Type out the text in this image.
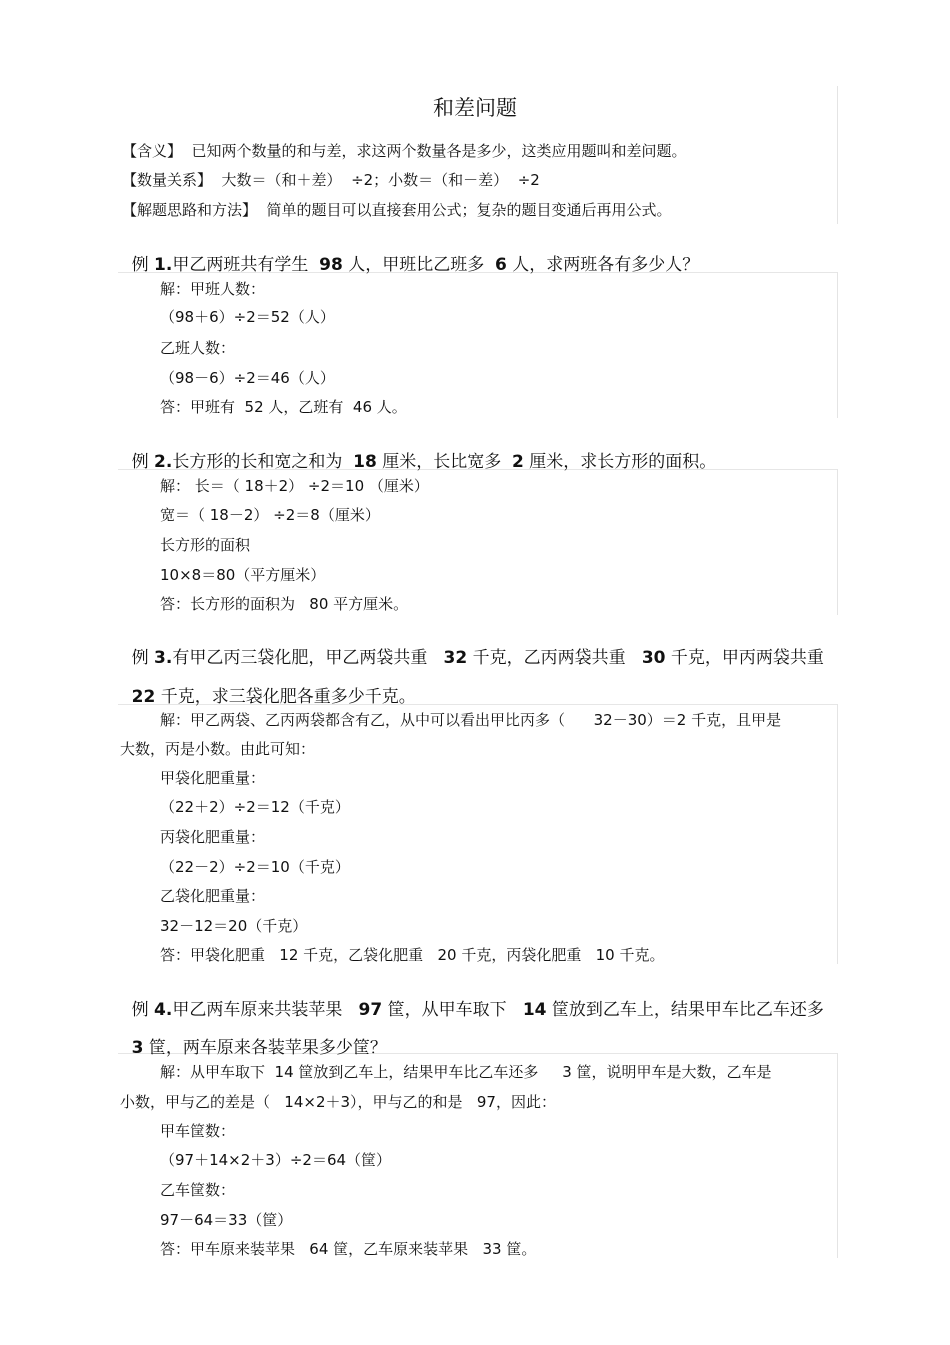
和差问题
【含义】  已知两个数量的和与差，求这两个数量各是多少，这类应用题叫和差问题。
【数量关系】  大数＝（和＋差）  ÷2；小数＝（和－差）  ÷2
【解题思路和方法】  简单的题目可以直接套用公式；复杂的题目变通后再用公式。

例 1.甲乙两班共有学生  98 人，甲班比乙班多  6 人，求两班各有多少人？

解：甲班人数：
（98＋6）÷2＝52（人）
乙班人数：
（98－6）÷2＝46（人）
答：甲班有  52 人，乙班有  46 人。

例 2.长方形的长和宽之和为  18 厘米，长比宽多  2 厘米，求长方形的面积。

解： 长＝（ 18＋2） ÷2＝10 （厘米）
宽＝（ 18－2） ÷2＝8（厘米）
长方形的面积
10×8＝80（平方厘米）
答：长方形的面积为   80 平方厘米。

例 3.有甲乙丙三袋化肥，甲乙两袋共重   32 千克，乙丙两袋共重   30 千克，甲丙两袋共重

22 千克，求三袋化肥各重多少千克。

解：甲乙两袋、乙丙两袋都含有乙，从中可以看出甲比丙多（      32－30）＝2 千克，且甲是
大数，丙是小数。由此可知：
甲袋化肥重量：
（22＋2）÷2＝12（千克）
丙袋化肥重量：
（22－2）÷2＝10（千克）
乙袋化肥重量：
32－12＝20（千克）
答：甲袋化肥重   12 千克，乙袋化肥重   20 千克，丙袋化肥重   10 千克。

例 4.甲乙两车原来共装苹果   97 筐，从甲车取下   14 筐放到乙车上，结果甲车比乙车还多

3 筐，两车原来各装苹果多少筐？

解：从甲车取下  14 筐放到乙车上，结果甲车比乙车还多     3 筐，说明甲车是大数，乙车是
小数，甲与乙的差是（   14×2＋3），甲与乙的和是   97，因此：
甲车筐数：
（97＋14×2＋3）÷2＝64（筐）
乙车筐数：
97－64＝33（筐）
答：甲车原来装苹果   64 筐，乙车原来装苹果   33 筐。
